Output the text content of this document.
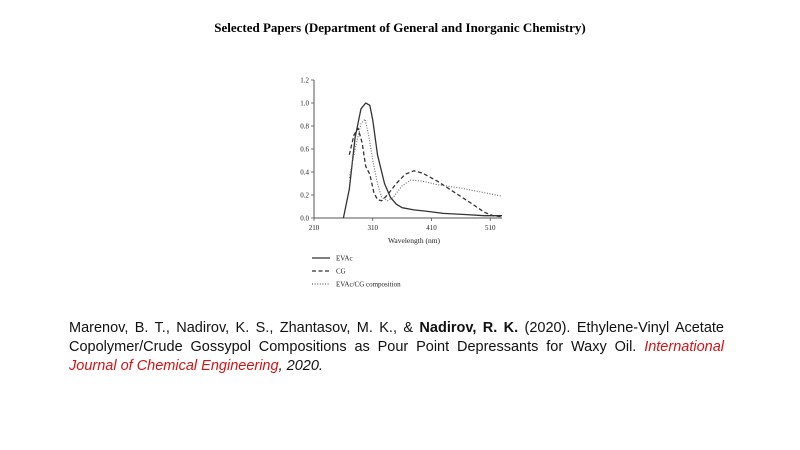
Selected Papers (Department of General and Inorganic Chemistry)
0.0
0.2
0.4
0.6
0.8
1.0
1.2
210	310	410	510
Wavelength (nm)
EVAc
CG
EVAc/CG composition
Marenov, B. T., Nadirov, K. S., Zhantasov, M. K., & Nadirov, R. K. (2020). Ethylene-Vinyl Acetate Copolymer/Crude Gossypol Compositions as Pour Point Depressants for Waxy Oil. International Journal of Chemical Engineering, 2020.
